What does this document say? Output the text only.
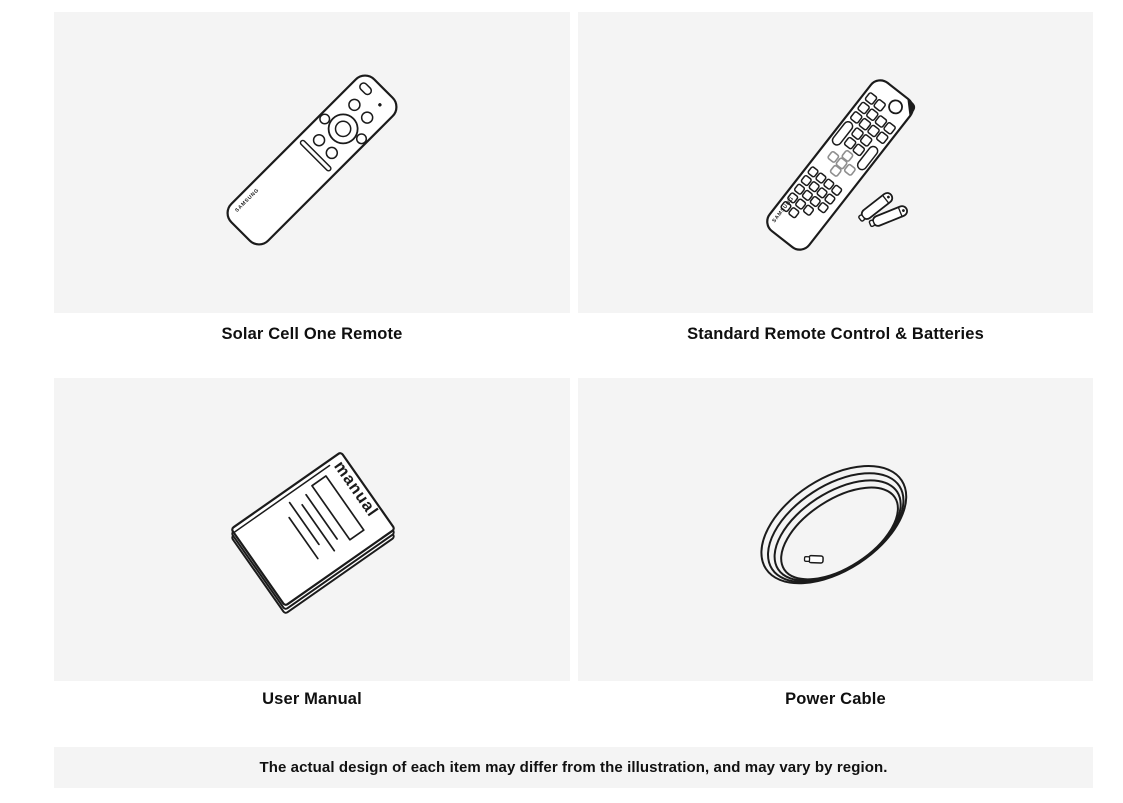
SAMSUNG
Solar Cell One Remote
SAMSUNG
Standard Remote Control & Batteries
manual
User Manual	Power Cable
The actual design of each item may differ from the illustration, and may vary by region.
